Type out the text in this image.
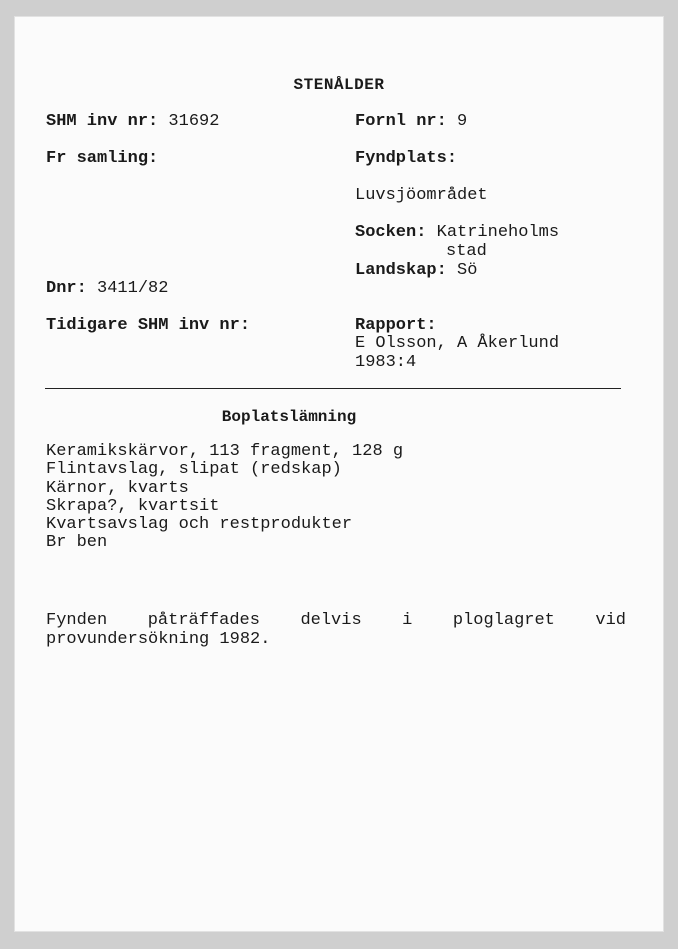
STENÅLDER
SHM inv nr: 31692
Fr samling:
Dnr: 3411/82
Tidigare SHM inv nr:
Fornl nr: 9
Fyndplats:
Luvsjöområdet
Socken: Katrineholms
stad
Landskap: Sö
Rapport:
E Olsson, A Åkerlund
1983:4
Boplatslämning
Keramikskärvor, 113 fragment, 128 g
Flintavslag, slipat (redskap)
Kärnor, kvarts
Skrapa?, kvartsit
Kvartsavslag och restprodukter
Br ben
Fynden påträffades delvis i ploglagret vid
provundersökning 1982.
